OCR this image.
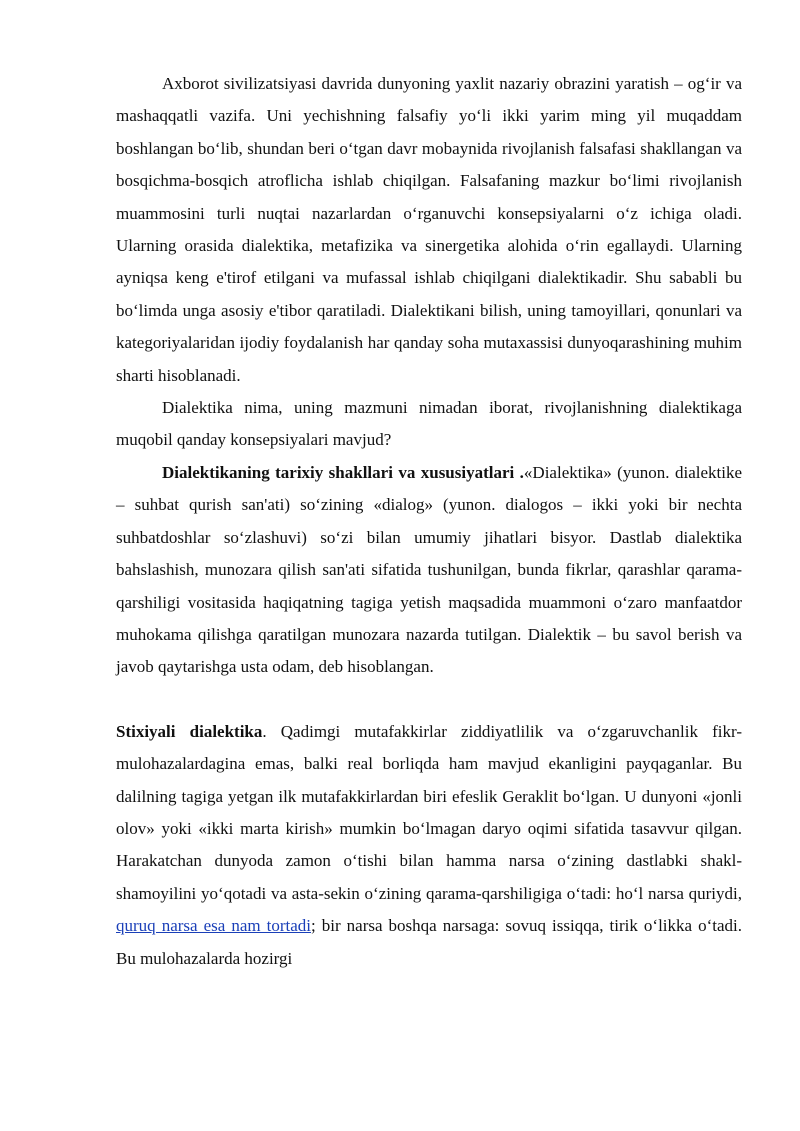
Axborot sivilizatsiyasi davrida dunyoning yaxlit nazariy obrazini yaratish – og‘ir va mashaqqatli vazifa. Uni yechishning falsafiy yo‘li ikki yarim ming yil muqaddam boshlangan bo‘lib, shundan beri o‘tgan davr mobaynida rivojlanish falsafasi shakllangan va bosqichma-bosqich atroflicha ishlab chiqilgan. Falsafaning mazkur bo‘limi rivojlanish muammosini turli nuqtai nazarlardan o‘rganuvchi konsepsiyalarni o‘z ichiga oladi. Ularning orasida dialektika, metafizika va sinergetika alohida o‘rin egallaydi. Ularning ayniqsa keng e'tirof etilgani va mufassal ishlab chiqilgani dialektikadir. Shu sababli bu bo‘limda unga asosiy e'tibor qaratiladi. Dialektikani bilish, uning tamoyillari, qonunlari va kategoriyalaridan ijodiy foydalanish har qanday soha mutaxassisi dunyoqarashining muhim sharti hisoblanadi.

Dialektika nima, uning mazmuni nimadan iborat, rivojlanishning dialektikaga muqobil qanday konsepsiyalari mavjud?

Dialektikaning tarixiy shakllari va xususiyatlari .«Dialektika» (yunon. dialektike – suhbat qurish san'ati) so‘zining «dialog» (yunon. dialogos – ikki yoki bir nechta suhbatdoshlar so‘zlashuvi) so‘zi bilan umumiy jihatlari bisyor. Dastlab dialektika bahslashish, munozara qilish san'ati sifatida tushunilgan, bunda fikrlar, qarashlar qarama-qarshiligi vositasida haqiqatning tagiga yetish maqsadida muammoni o‘zaro manfaatdor muhokama qilishga qaratilgan munozara nazarda tutilgan. Dialektik – bu savol berish va javob qaytarishga usta odam, deb hisoblangan.

Stixiyali dialektika. Qadimgi mutafakkirlar ziddiyatlilik va o‘zgaruvchanlik fikr-mulohazalardagina emas, balki real borliqda ham mavjud ekanligini payqaganlar. Bu dalilning tagiga yetgan ilk mutafakkirlardan biri efeslik Geraklit bo‘lgan. U dunyoni «jonli olov» yoki «ikki marta kirish» mumkin bo‘lmagan daryo oqimi sifatida tasavvur qilgan. Harakatchan dunyoda zamon o‘tishi bilan hamma narsa o‘zining dastlabki shakl-shamoyilini yo‘qotadi va asta-sekin o‘zining qarama-qarshiligiga o‘tadi: ho‘l narsa quriydi, quruq narsa esa nam tortadi; bir narsa boshqa narsaga: sovuq issiqqa, tirik o‘likka o‘tadi. Bu mulohazalarda hozirgi
